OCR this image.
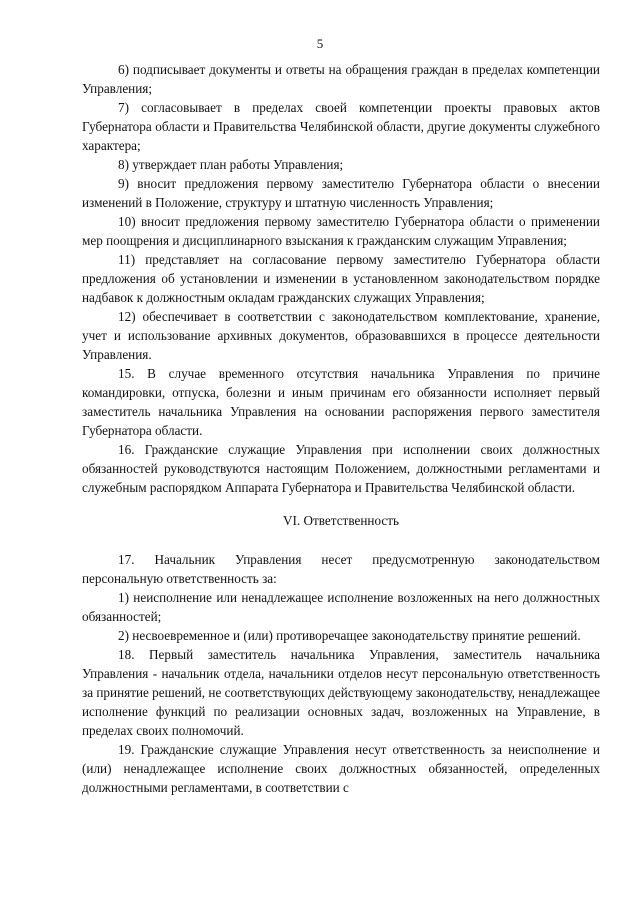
5

6) подписывает документы и ответы на обращения граждан в пределах компетенции Управления;

7) согласовывает в пределах своей компетенции проекты правовых актов Губернатора области и Правительства Челябинской области, другие документы служебного характера;

8) утверждает план работы Управления;

9) вносит предложения первому заместителю Губернатора области о внесении изменений в Положение, структуру и штатную численность Управления;

10) вносит предложения первому заместителю Губернатора области о применении мер поощрения и дисциплинарного взыскания к гражданским служащим Управления;

11) представляет на согласование первому заместителю Губернатора области предложения об установлении и изменении в установленном законодательством порядке надбавок к должностным окладам гражданских служащих Управления;

12) обеспечивает в соответствии с законодательством комплектование, хранение, учет и использование архивных документов, образовавшихся в процессе деятельности Управления.

15. В случае временного отсутствия начальника Управления по причине командировки, отпуска, болезни и иным причинам его обязанности исполняет первый заместитель начальника Управления на основании распоряжения первого заместителя Губернатора области.

16. Гражданские служащие Управления при исполнении своих должностных обязанностей руководствуются настоящим Положением, должностными регламентами и служебным распорядком Аппарата Губернатора и Правительства Челябинской области.

VI. Ответственность

17. Начальник Управления несет предусмотренную законодательством персональную ответственность за:

1) неисполнение или ненадлежащее исполнение возложенных на него должностных обязанностей;

2) несвоевременное и (или) противоречащее законодательству принятие решений.

18. Первый заместитель начальника Управления, заместитель начальника Управления - начальник отдела, начальники отделов несут персональную ответственность за принятие решений, не соответствующих действующему законодательству, ненадлежащее исполнение функций по реализации основных задач, возложенных на Управление, в пределах своих полномочий.

19. Гражданские служащие Управления несут ответственность за неисполнение и (или) ненадлежащее исполнение своих должностных обязанностей, определенных должностными регламентами, в соответствии с
